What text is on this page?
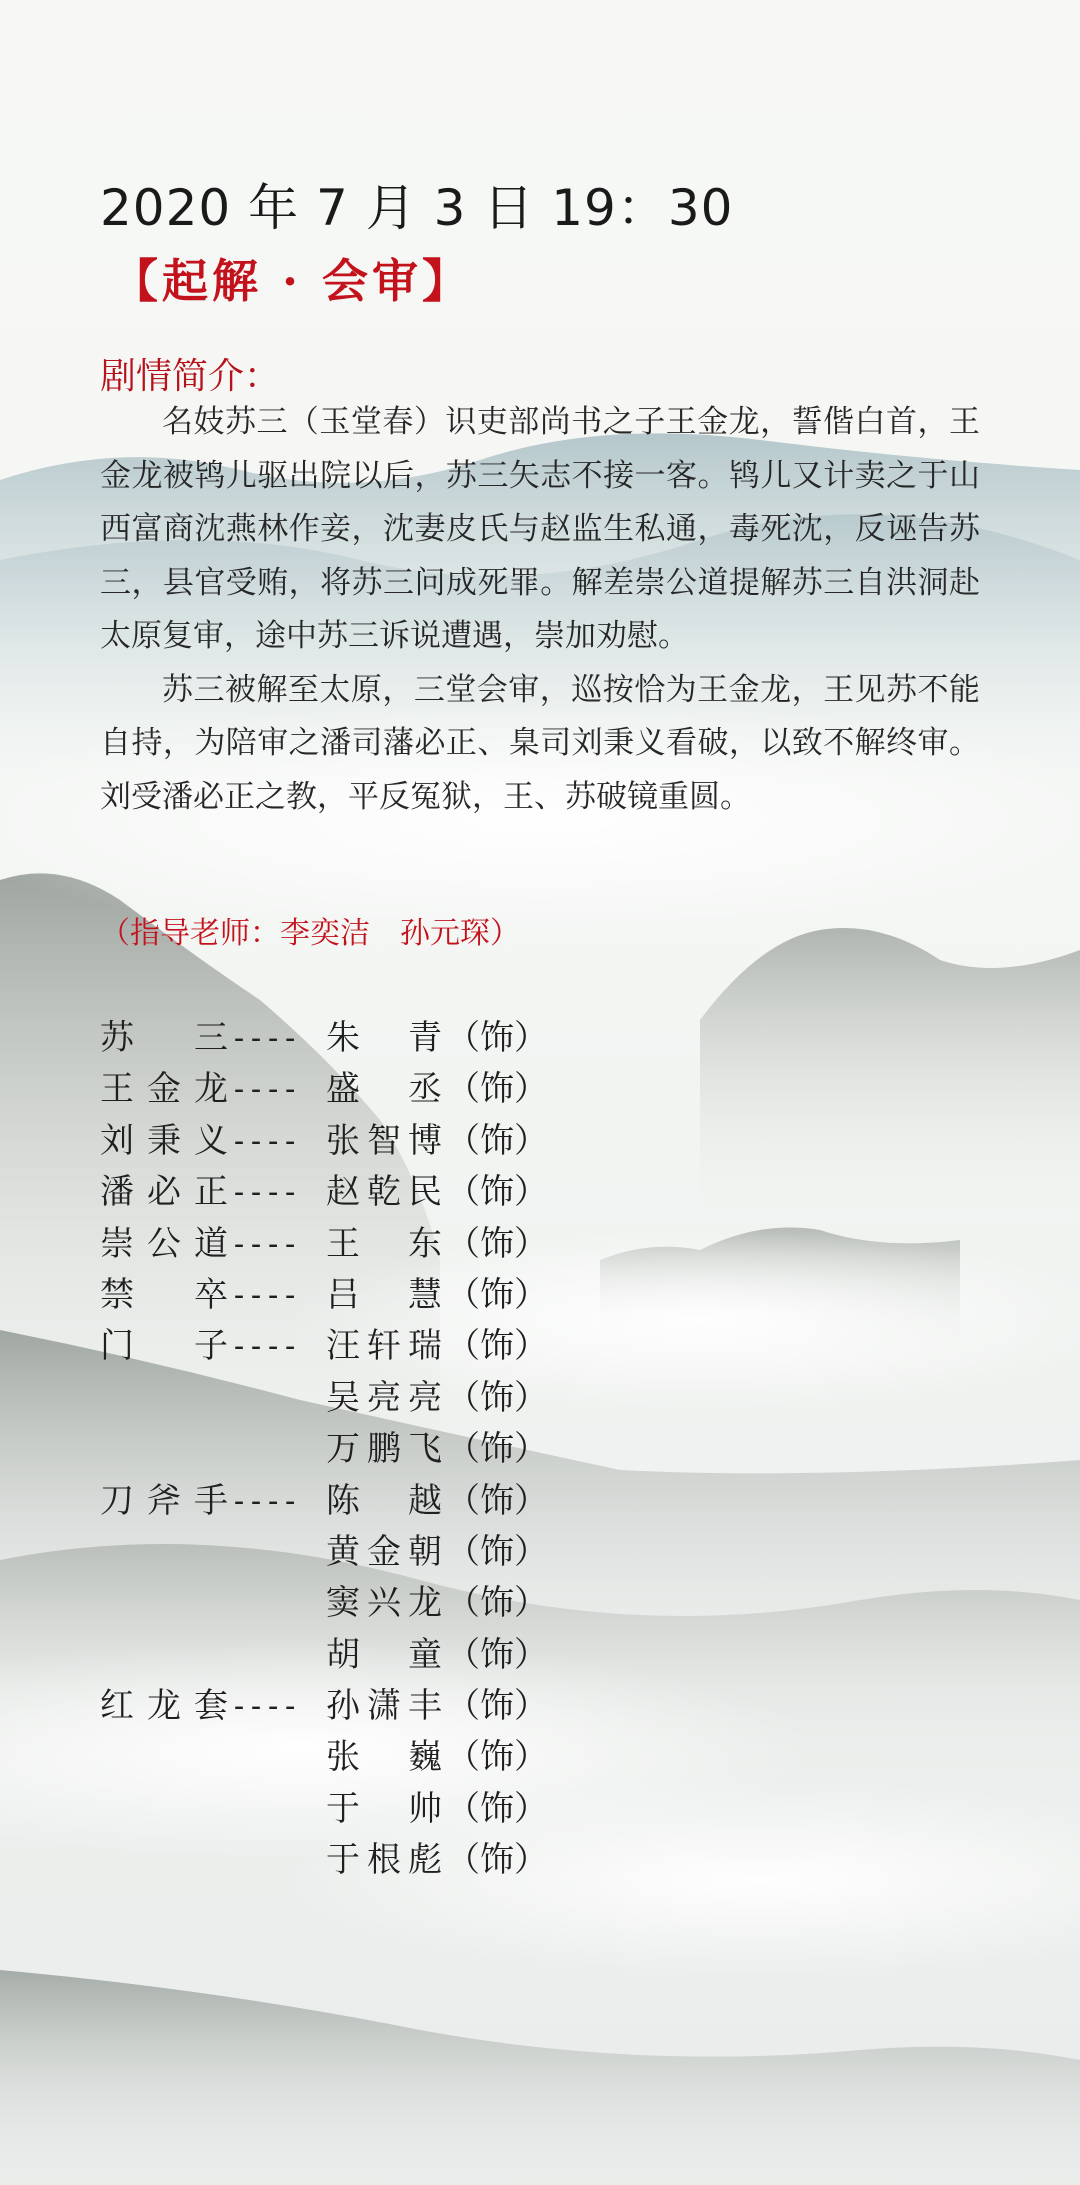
2020 年 7 月 3 日 19：30
【起解 · 会审】
剧情简介：

名妓苏三（玉堂春）识吏部尚书之子王金龙，誓偕白首，王金龙被鸨儿驱出院以后，苏三矢志不接一客。鸨儿又计卖之于山西富商沈燕林作妾，沈妻皮氏与赵监生私通，毒死沈，反诬告苏三，县官受贿，将苏三问成死罪。解差崇公道提解苏三自洪洞赴太原复审，途中苏三诉说遭遇，崇加劝慰。

苏三被解至太原，三堂会审，巡按恰为王金龙，王见苏不能自持，为陪审之潘司藩必正、臬司刘秉义看破，以致不解终审。刘受潘必正之教，平反冤狱，王、苏破镜重圆。

（指导老师：李奕洁　孙元琛）
苏三 ---- 朱青 （饰）
王金龙 ---- 盛丞 （饰）
刘秉义 ---- 张智博 （饰）
潘必正 ---- 赵乾民 （饰）
崇公道 ---- 王东 （饰）
禁卒 ---- 吕慧 （饰）
门子 ---- 汪轩瑞 （饰）
吴亮亮 （饰）
万鹏飞 （饰）
刀斧手 ---- 陈越 （饰）
黄金朝 （饰）
窦兴龙 （饰）
胡童 （饰）
红龙套 ---- 孙潇丰 （饰）
张巍 （饰）
于帅 （饰）
于根彪 （饰）
